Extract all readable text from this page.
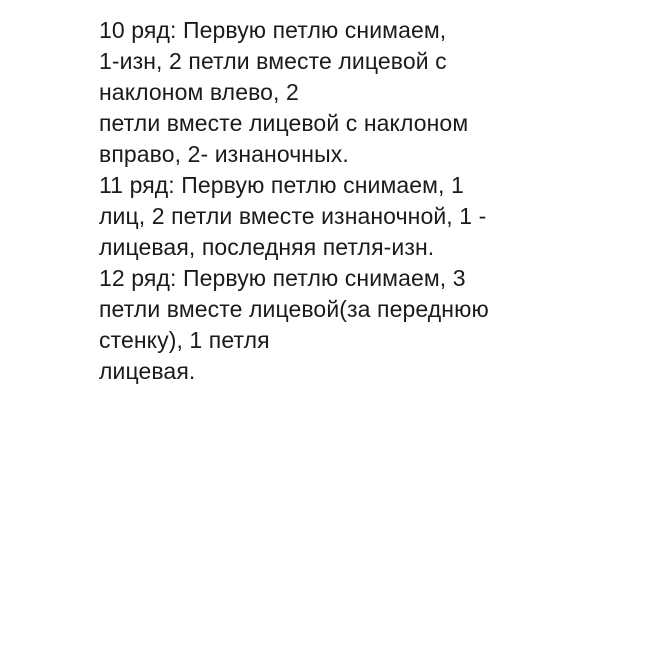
10 ряд: Первую петлю снимаем,
1-изн, 2 петли вместе лицевой с
наклоном влево, 2
петли вместе лицевой с наклоном
вправо, 2- изнаночных.
11 ряд: Первую петлю снимаем, 1
лиц, 2 петли вместе изнаночной, 1 -
лицевая, последняя петля-изн.
12 ряд: Первую петлю снимаем, 3
петли вместе лицевой(за переднюю
стенку), 1 петля
лицевая.
